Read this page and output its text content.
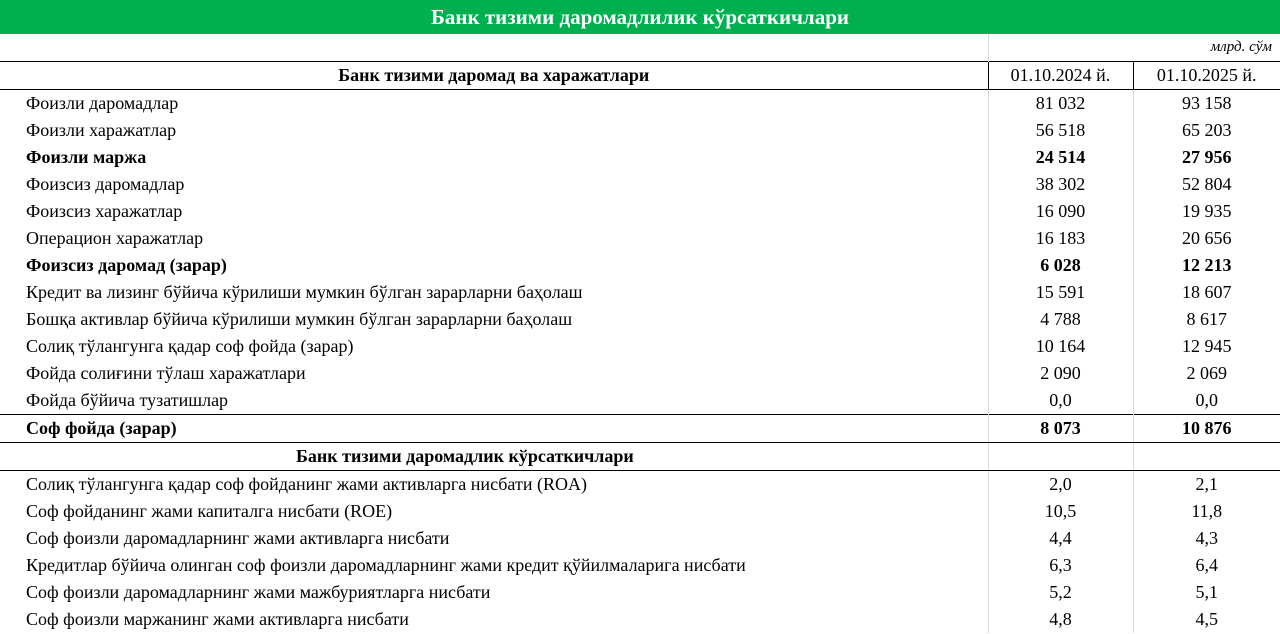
Банк тизими даромадлилик кўрсаткичлари
	млрд. сўм	
Банк тизими даромад ва харажатлари	01.10.2024 й.	01.10.2025 й.
Фоизли даромадлар	81 032	93 158
Фоизли харажатлар	56 518	65 203
Фоизли маржа	24 514	27 956
Фоизсиз даромадлар	38 302	52 804
Фоизсиз харажатлар	16 090	19 935
Операцион харажатлар	16 183	20 656
Фоизсиз даромад (зарар)	6 028	12 213
Кредит ва лизинг бўйича кўрилиши мумкин бўлган зарарларни баҳолаш	15 591	18 607
Бошқа активлар бўйича кўрилиши мумкин бўлган зарарларни баҳолаш	4 788	8 617
Солиқ тўлангунга қадар соф фойда (зарар)	10 164	12 945
Фойда солиғини тўлаш харажатлари	2 090	2 069
Фойда бўйича тузатишлар	0,0	0,0
Соф фойда (зарар)	8 073	10 876
Банк тизими даромадлик кўрсаткичлари		
Солиқ тўлангунга қадар соф фойданинг жами активларга нисбати (ROA)	2,0	2,1
Соф фойданинг жами капиталга нисбати (ROE)	10,5	11,8
Соф фоизли даромадларнинг жами активларга нисбати	4,4	4,3
Кредитлар бўйича олинган соф фоизли даромадларнинг жами кредит қўйилмаларига нисбати	6,3	6,4
Соф фоизли даромадларнинг жами мажбуриятларга нисбати	5,2	5,1
Соф фоизли маржанинг жами активларга нисбати	4,8	4,5
